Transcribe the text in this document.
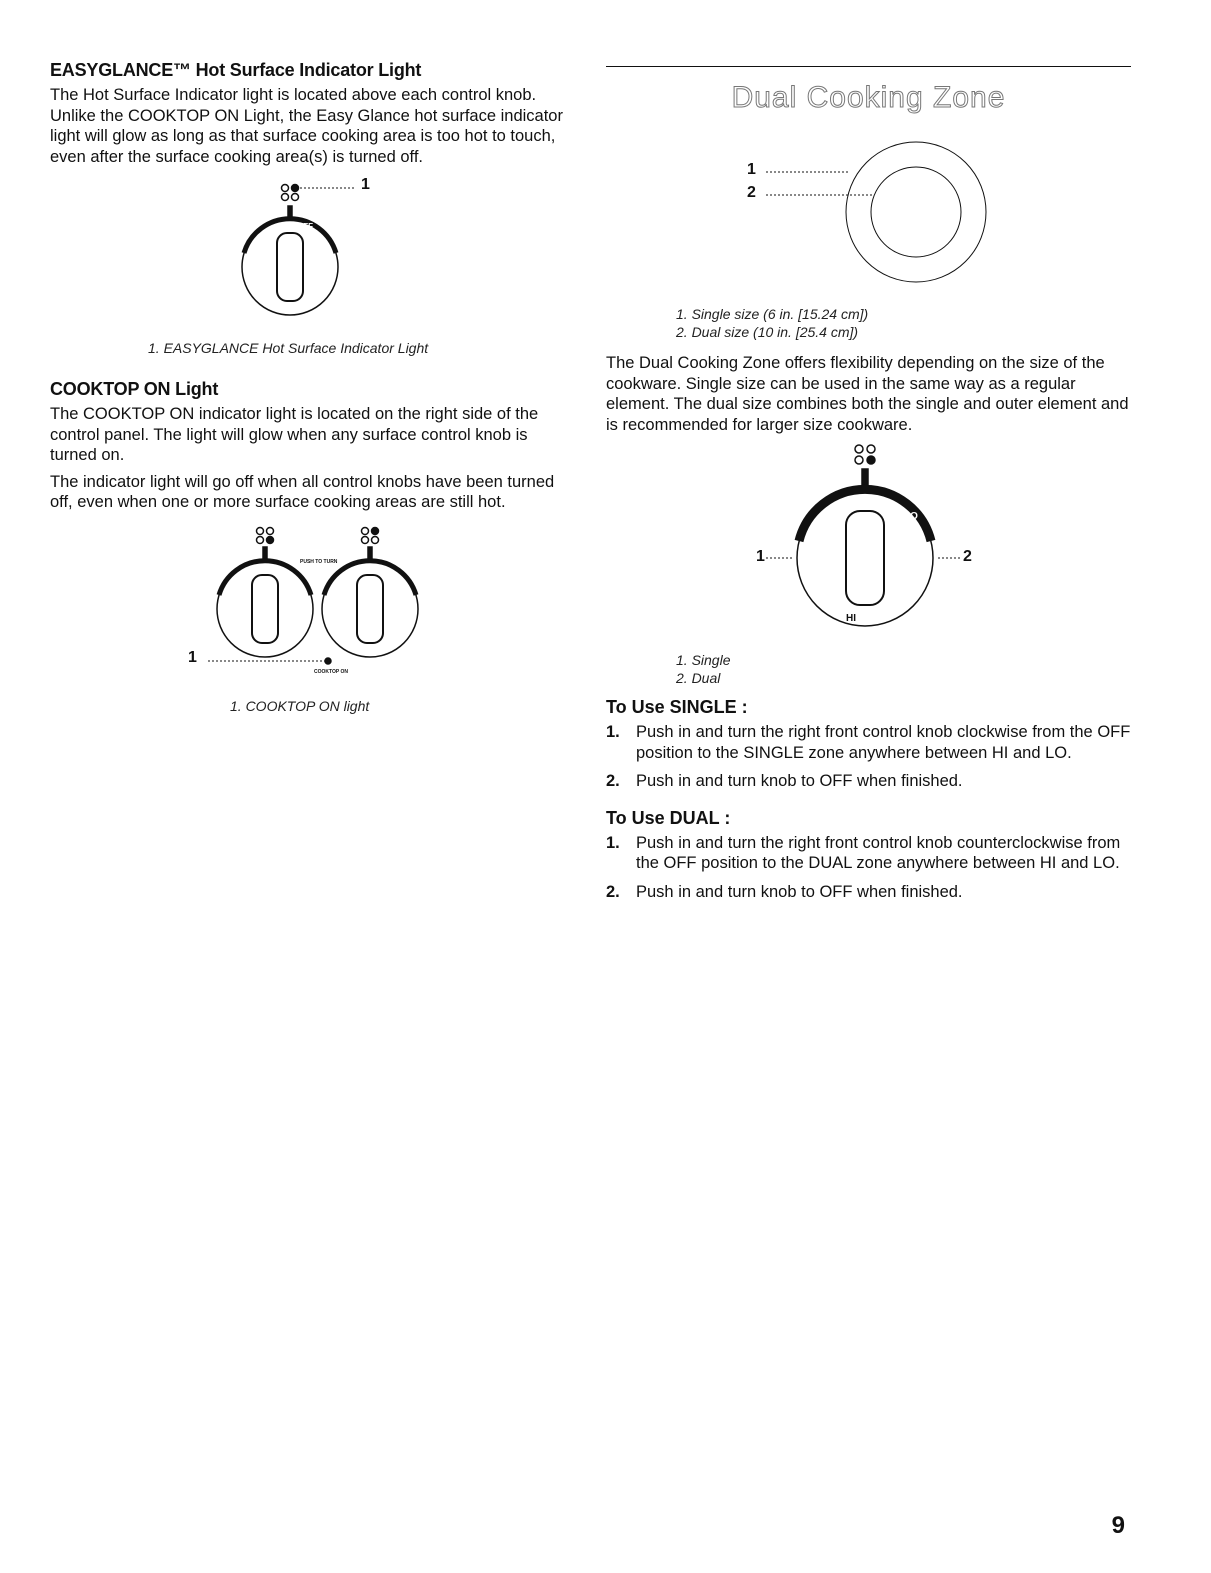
EASYGLANCE™ Hot Surface Indicator Light

The Hot Surface Indicator light is located above each control knob. Unlike the COOKTOP ON Light, the Easy Glance hot surface indicator light will glow as long as that surface cooking area is too hot to touch, even after the surface cooking area(s) is turned off.

OFF
1
1. EASYGLANCE Hot Surface Indicator Light
COOKTOP ON Light

The COOKTOP ON indicator light is located on the right side of the control panel. The light will glow when any surface control knob is turned on.

The indicator light will go off when all control knobs have been turned off, even when one or more surface cooking areas are still hot.

PUSH TO TURN
COOKTOP ON
1
1. COOKTOP ON light
Dual Cooking Zone
1
2
1. Single size (6 in. [15.24 cm])
2. Dual size (10 in. [25.4 cm])

The Dual Cooking Zone offers flexibility depending on the size of the cookware. Single size can be used in the same way as a regular element. The dual size combines both the single and outer element and is recommended for larger size cookware.

OFF
LO
HI
1	2
1. Single
2. Dual
To Use SINGLE :
1. Push in and turn the right front control knob clockwise from the OFF position to the SINGLE zone anywhere between HI and LO.
2. Push in and turn knob to OFF when finished.
To Use DUAL :
1. Push in and turn the right front control knob counterclockwise from the OFF position to the DUAL zone anywhere between HI and LO.
2. Push in and turn knob to OFF when finished.
9
